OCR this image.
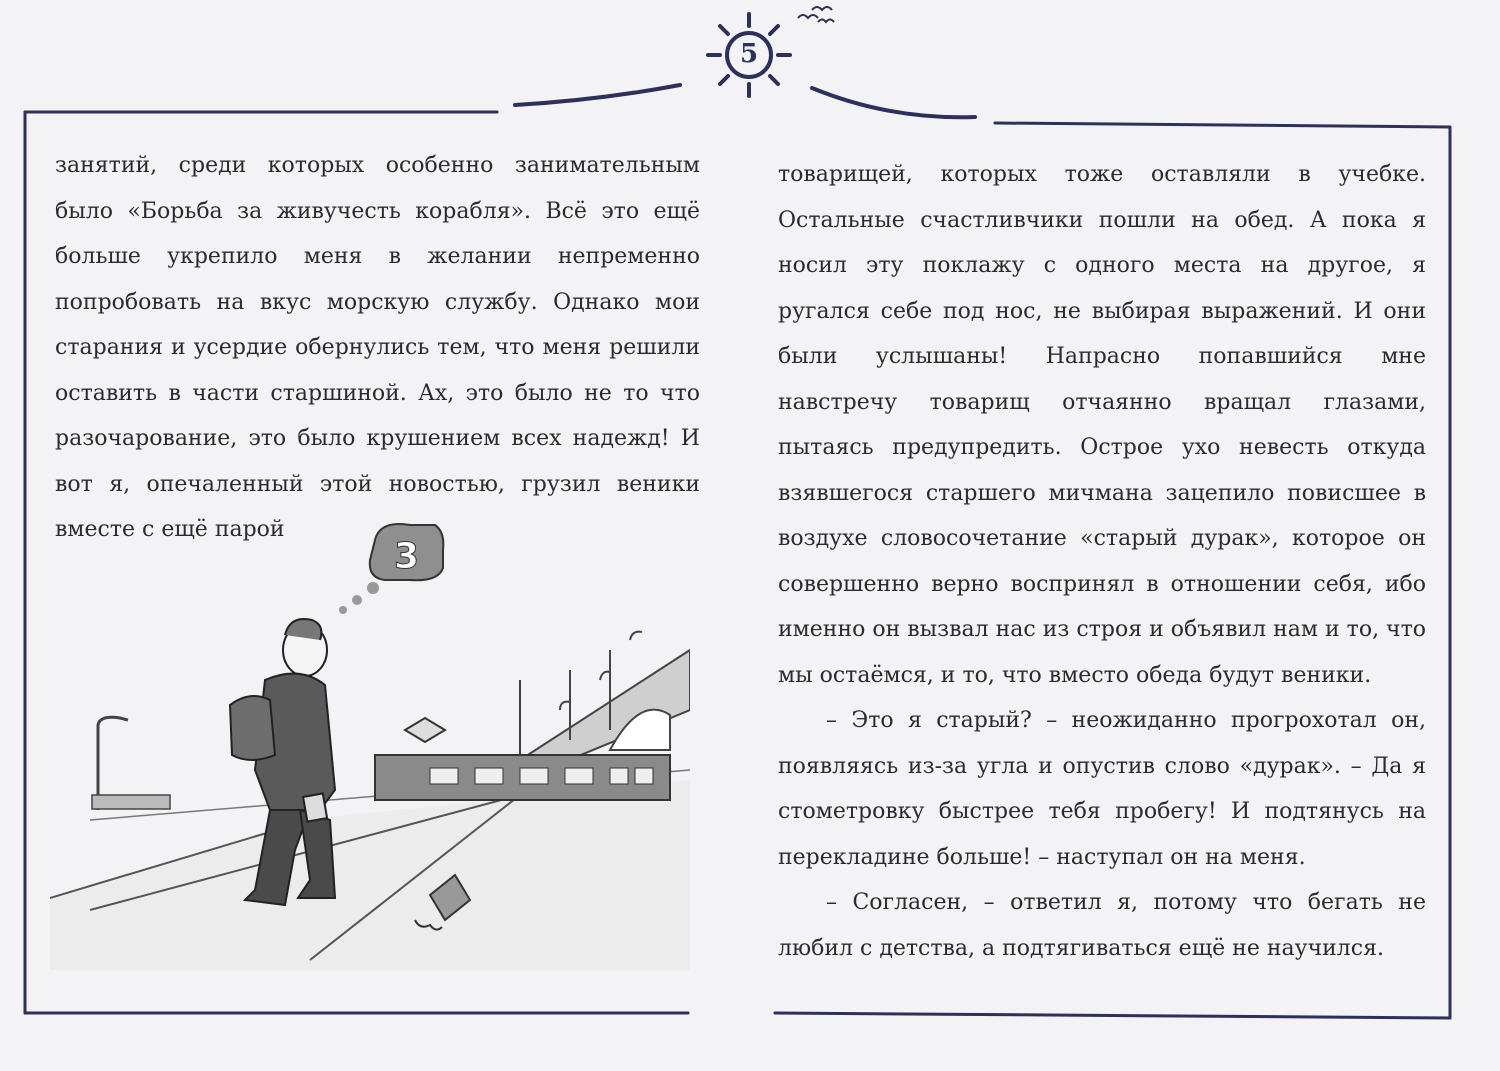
5

занятий, среди которых особенно занимательным было «Борьба за живучесть корабля». Всё это ещё больше укрепило меня в желании непременно попробовать на вкус морскую службу. Однако мои старания и усердие обернулись тем, что меня решили оставить в части старшиной. Ах, это было не то что разочарование, это было крушением всех надежд! И вот я, опечаленный этой новостью, грузил веники вместе с ещё парой

товарищей, которых тоже оставляли в учебке. Остальные счастливчики пошли на обед. А пока я носил эту поклажу с одного места на другое, я ругался себе под нос, не выбирая выражений. И они были услышаны! Напрасно попавшийся мне навстречу товарищ отчаянно вращал глазами, пытаясь предупредить. Острое ухо невесть откуда взявшегося старшего мичмана зацепило повисшее в воздухе словосочетание «старый дурак», которое он совершенно верно воспринял в отношении себя, ибо именно он вызвал нас из строя и объявил нам и то, что мы остаёмся, и то, что вместо обеда будут веники.

– Это я старый? – неожиданно прогрохотал он, появляясь из-за угла и опустив слово «дурак». – Да я стометровку быстрее тебя пробегу! И подтянусь на перекладине больше! – наступал он на меня.

– Согласен, – ответил я, потому что бегать не любил с детства, а подтягиваться ещё не научился.

3
